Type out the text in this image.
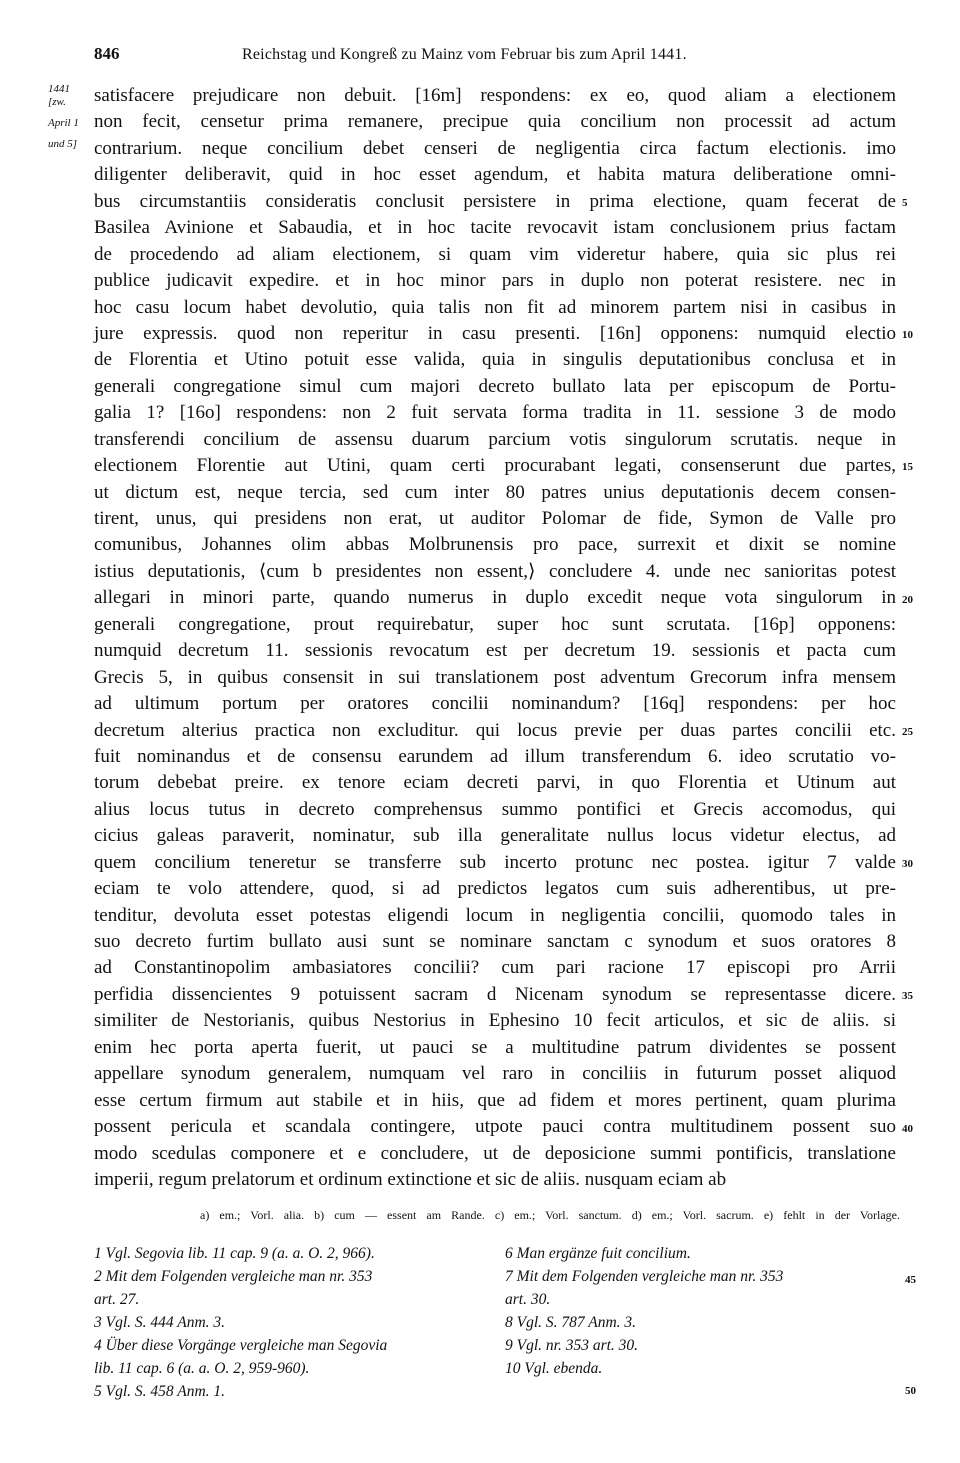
846	Reichstag und Kongreß zu Mainz vom Februar bis zum April 1441.
1441
[zw.
April 1
und 5]
satisfacere prejudicare non debuit. [16m] respondens: ex eo, quod aliam a electionem
non fecit, censetur prima remanere, precipue quia concilium non processit ad actum
contrarium. neque concilium debet censeri de negligentia circa factum electionis. imo
diligenter deliberavit, quid in hoc esset agendum, et habita matura deliberatione omni-
bus circumstantiis consideratis conclusit persistere in prima electione, quam fecerat de
Basilea Avinione et Sabaudia, et in hoc tacite revocavit istam conclusionem prius factam
de procedendo ad aliam electionem, si quam vim videretur habere, quia sic plus rei
publice judicavit expedire. et in hoc minor pars in duplo non poterat resistere. nec in
hoc casu locum habet devolutio, quia talis non fit ad minorem partem nisi in casibus in
jure expressis. quod non reperitur in casu presenti. [16n] opponens: numquid electio
de Florentia et Utino potuit esse valida, quia in singulis deputationibus conclusa et in
generali congregatione simul cum majori decreto bullato lata per episcopum de Portu-
galia 1? [16o] respondens: non 2 fuit servata forma tradita in 11. sessione 3 de modo
transferendi concilium de assensu duarum parcium votis singulorum scrutatis. neque in
electionem Florentie aut Utini, quam certi procurabant legati, consenserunt due partes,
ut dictum est, neque tercia, sed cum inter 80 patres unius deputationis decem consen-
tirent, unus, qui presidens non erat, ut auditor Polomar de fide, Symon de Valle pro
comunibus, Johannes olim abbas Molbrunensis pro pace, surrexit et dixit se nomine
istius deputationis, ⟨cum b presidentes non essent,⟩ concludere 4. unde nec sanioritas potest
allegari in minori parte, quando numerus in duplo excedit neque vota singulorum in
generali congregatione, prout requirebatur, super hoc sunt scrutata. [16p] opponens:
numquid decretum 11. sessionis revocatum est per decretum 19. sessionis et pacta cum
Grecis 5, in quibus consensit in sui translationem post adventum Grecorum infra mensem
ad ultimum portum per oratores concilii nominandum? [16q] respondens: per hoc
decretum alterius practica non excluditur. qui locus previe per duas partes concilii etc.
fuit nominandus et de consensu earundem ad illum transferendum 6. ideo scrutatio vo-
torum debebat preire. ex tenore eciam decreti parvi, in quo Florentia et Utinum aut
alius locus tutus in decreto comprehensus summo pontifici et Grecis accomodus, qui
cicius galeas paraverit, nominatur, sub illa generalitate nullus locus videtur electus, ad
quem concilium teneretur se transferre sub incerto protunc nec postea. igitur 7 valde
eciam te volo attendere, quod, si ad predictos legatos cum suis adherentibus, ut pre-
tenditur, devoluta esset potestas eligendi locum in negligentia concilii, quomodo tales in
suo decreto furtim bullato ausi sunt se nominare sanctam c synodum et suos oratores 8
ad Constantinopolim ambasiatores concilii? cum pari racione 17 episcopi pro Arrii
perfidia dissencientes 9 potuissent sacram d Nicenam synodum se representasse dicere.
similiter de Nestorianis, quibus Nestorius in Ephesino 10 fecit articulos, et sic de aliis. si
enim hec porta aperta fuerit, ut pauci se a multitudine patrum dividentes se possent
appellare synodum generalem, numquam vel raro in conciliis in futurum posset aliquod
esse certum firmum aut stabile et in hiis, que ad fidem et mores pertinent, quam plurima
possent pericula et scandala contingere, utpote pauci contra multitudinem possent suo
modo scedulas componere et e concludere, ut de deposicione summi pontificis, translatione
imperii, regum prelatorum et ordinum extinctione et sic de aliis. nusquam eciam ab
5
10
15
20
25
30
35
40
a) em.; Vorl. alia. b) cum — essent am Rande. c) em.; Vorl. sanctum. d) em.; Vorl. sacrum. e) fehlt in der Vorlage.
1 Vgl. Segovia lib. 11 cap. 9 (a. a. O. 2, 966).
2 Mit dem Folgenden vergleiche man nr. 353
art. 27.
3 Vgl. S. 444 Anm. 3.
4 Über diese Vorgänge vergleiche man Segovia
lib. 11 cap. 6 (a. a. O. 2, 959-960).
5 Vgl. S. 458 Anm. 1.
6 Man ergänze fuit concilium.
7 Mit dem Folgenden vergleiche man nr. 353
art. 30.
8 Vgl. S. 787 Anm. 3.
9 Vgl. nr. 353 art. 30.
10 Vgl. ebenda.
45
50
